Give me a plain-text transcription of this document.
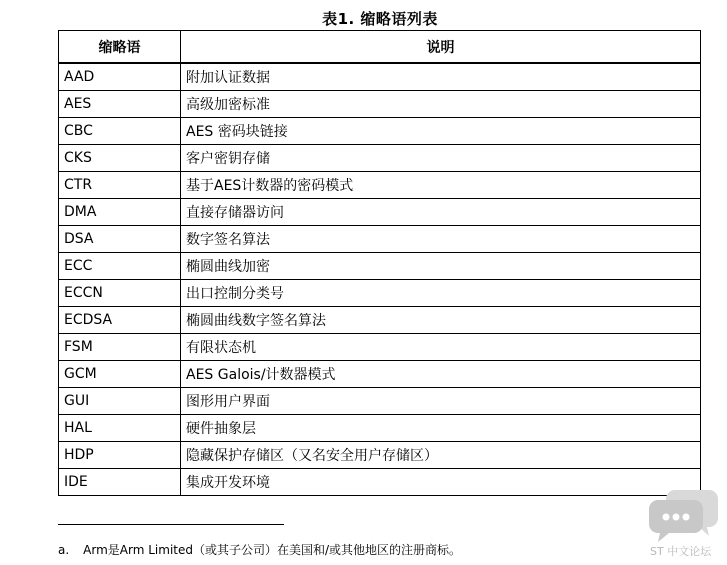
表1. 缩略语列表
缩略语	说明
AAD	附加认证数据
AES	高级加密标准
CBC	AES 密码块链接
CKS	客户密钥存储
CTR	基于AES计数器的密码模式
DMA	直接存储器访问
DSA	数字签名算法
ECC	椭圆曲线加密
ECCN	出口控制分类号
ECDSA	椭圆曲线数字签名算法
FSM	有限状态机
GCM	AES Galois/计数器模式
GUI	图形用户界面
HAL	硬件抽象层
HDP	隐藏保护存储区（又名安全用户存储区）
IDE	集成开发环境
a. Arm是Arm Limited（或其子公司）在美国和/或其他地区的注册商标。	ST 中文论坛
